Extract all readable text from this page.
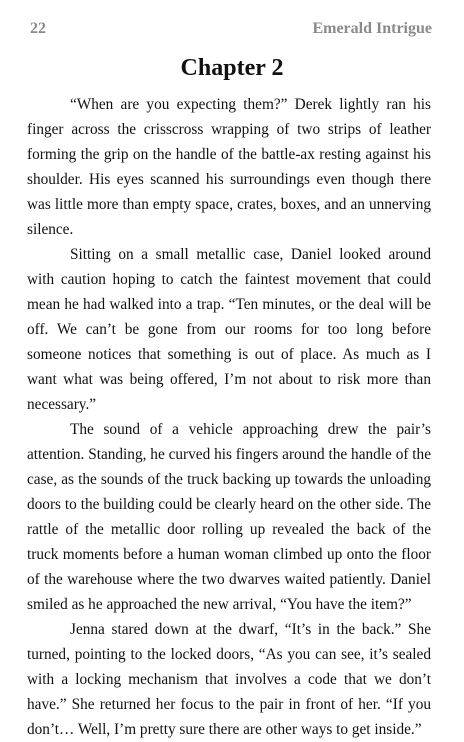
22	Emerald Intrigue
Chapter 2

“When are you expecting them?” Derek lightly ran his finger across the crisscross wrapping of two strips of leather forming the grip on the handle of the battle-ax resting against his shoulder. His eyes scanned his surroundings even though there was little more than empty space, crates, boxes, and an unnerving silence.

Sitting on a small metallic case, Daniel looked around with caution hoping to catch the faintest movement that could mean he had walked into a trap. “Ten minutes, or the deal will be off. We can’t be gone from our rooms for too long before someone notices that something is out of place. As much as I want what was being offered, I’m not about to risk more than necessary.”

The sound of a vehicle approaching drew the pair’s attention. Standing, he curved his fingers around the handle of the case, as the sounds of the truck backing up towards the unloading doors to the building could be clearly heard on the other side. The rattle of the metallic door rolling up revealed the back of the truck moments before a human woman climbed up onto the floor of the warehouse where the two dwarves waited patiently. Daniel smiled as he approached the new arrival, “You have the item?”

Jenna stared down at the dwarf, “It’s in the back.” She turned, pointing to the locked doors, “As you can see, it’s sealed with a locking mechanism that involves a code that we don’t have.” She returned her focus to the pair in front of her. “If you don’t… Well, I’m pretty sure there are other ways to get inside.”
